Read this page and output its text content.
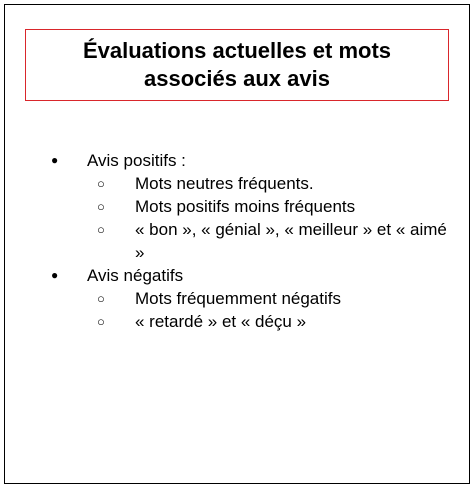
Évaluations actuelles et mots associés aux avis
●	Avis positifs :
○	Mots neutres fréquents.
○	Mots positifs moins fréquents
○	« bon », « génial », « meilleur » et « aimé »
●	Avis négatifs
○	Mots fréquemment négatifs
○	« retardé » et « déçu »
